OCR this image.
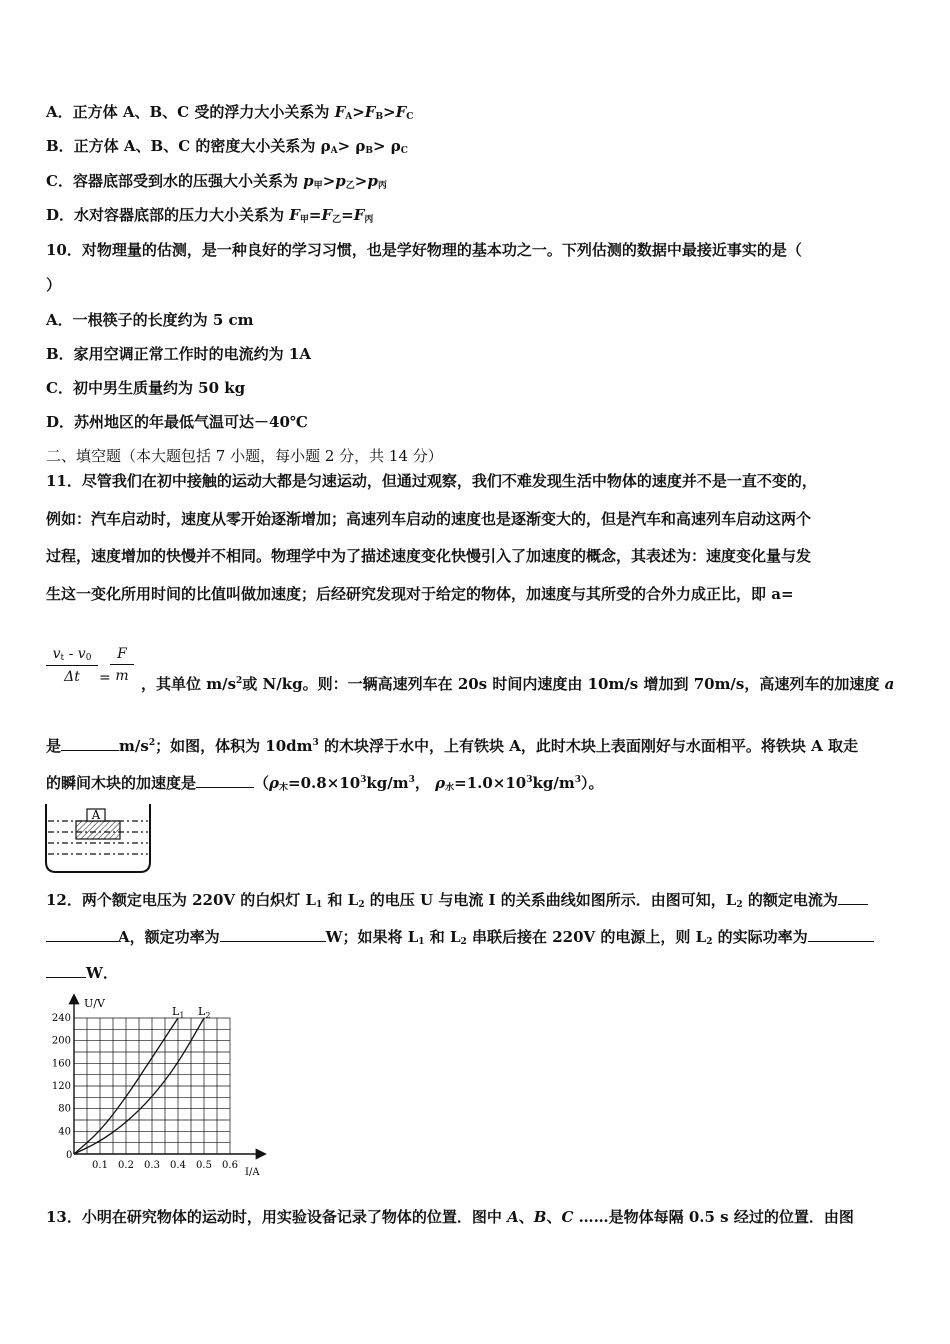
A．正方体 A、B、C 受的浮力大小关系为 $F_A>F_B>F_C$
B．正方体 A、B、C 的密度大小关系为 $\rho_A> \rho_B> \rho_C$
C．容器底部受到水的压强大小关系为 $p_甲>p_乙>p_丙$
D．水对容器底部的压力大小关系为 $F_甲=F_乙=F_丙$
10．对物理量的估测，是一种良好的学习习惯，也是学好物理的基本功之一。下列估测的数据中最接近事实的是（
）
A．一根筷子的长度约为 5 cm
B．家用空调正常工作时的电流约为 1A
C．初中男生质量约为 50 kg
D．苏州地区的年最低气温可达－40℃
二、填空题（本大题包括 7 小题，每小题 2 分，共 14 分）
11．尽管我们在初中接触的运动大都是匀速运动，但通过观察，我们不难发现生活中物体的速度并不是一直不变的，
例如：汽车启动时，速度从零开始逐渐增加；高速列车启动的速度也是逐渐变大的，但是汽车和高速列车启动这两个
过程，速度增加的快慢并不相同。物理学中为了描述速度变化快慢引入了加速度的概念，其表述为：速度变化量与发
生这一变化所用时间的比值叫做加速度；后经研究发现对于给定的物体，加速度与其所受的合外力成正比，即 a=
$\frac{v_t - v_0}{\Delta t} = \frac{F}{m}$ ，其单位 $m/s^2$或 N/kg。则：一辆高速列车在 20s 时间内速度由 10m/s 增加到 70m/s，高速列车的加速度 a
是	$m/s^2$；如图，体积为 $10dm^3$ 的木块浮于水中，上有铁块 A，此时木块上表面刚好与水面相平。将铁块 A 取走
的瞬间木块的加速度是	（$\rho_木=0.8\times 10^3kg/m^3$， $\rho_水=1.0\times 10^3kg/m^3$）。
A
12．两个额定电压为 220V 的白炽灯 $L_1$ 和 $L_2$ 的电压 U 与电流 I 的关系曲线如图所示．由图可知，$L_2$ 的额定电流为
A，额定功率为	W；如果将 $L_1$ 和 $L_2$ 串联后接在 220V 的电源上，则 $L_2$ 的实际功率为
W．
40
80
120
160
200
240
0.1 0.2 0.3 0.4 0.5 0.6
$L_1$ $L_2$
U/V
I/A
0
13．小明在研究物体的运动时，用实验设备记录了物体的位置．图中 A、B、C ……是物体每隔 0.5 s 经过的位置．由图
